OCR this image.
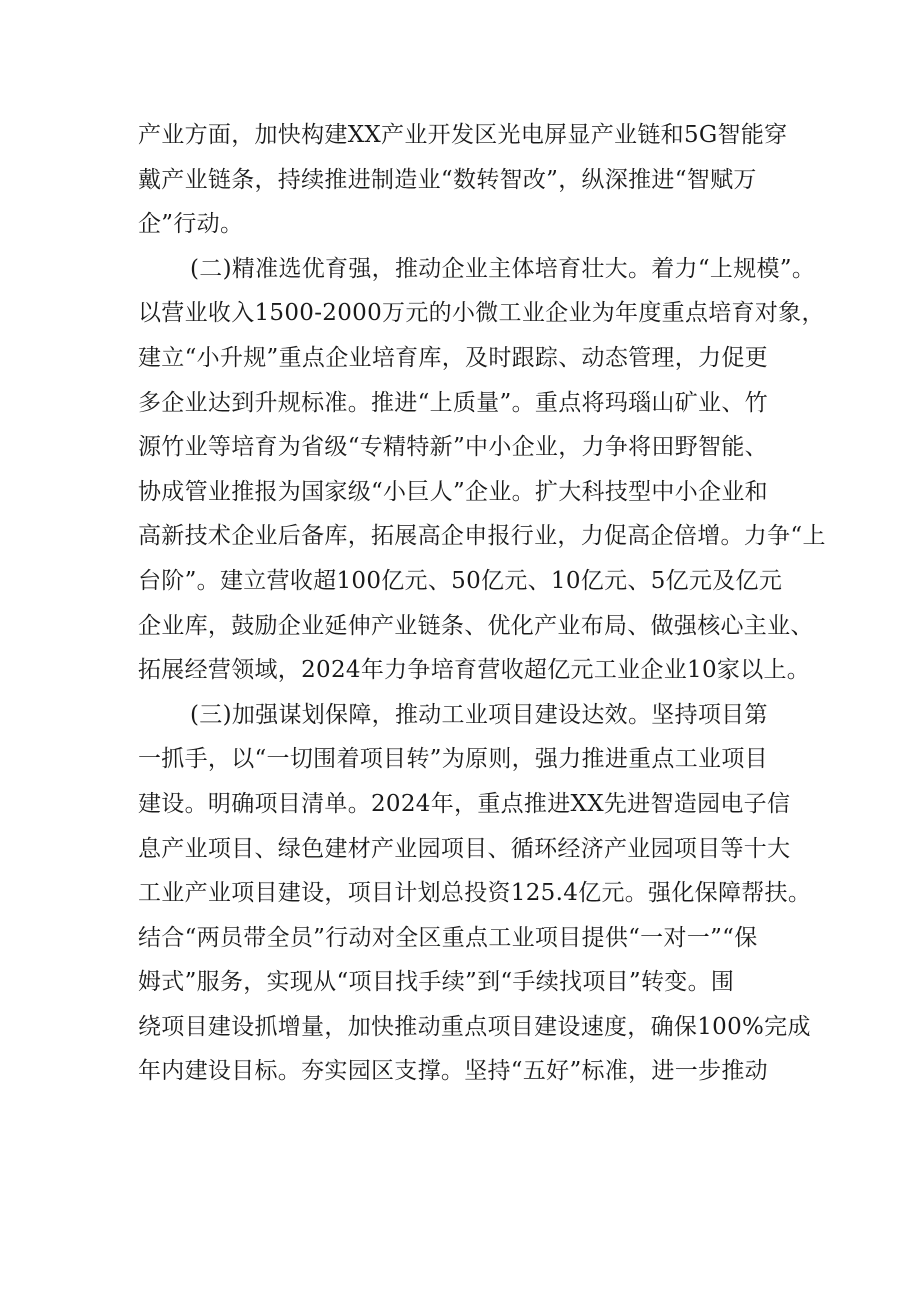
产业方面，加快构建XX产业开发区光电屏显产业链和5G智能穿
戴产业链条，持续推进制造业“数转智改”，纵深推进“智赋万
企”行动。
(二)精准选优育强，推动企业主体培育壮大。着力“上规模”。
以营业收入1500-2000万元的小微工业企业为年度重点培育对象，
建立“小升规”重点企业培育库，及时跟踪、动态管理，力促更
多企业达到升规标准。推进“上质量”。重点将玛瑙山矿业、竹
源竹业等培育为省级“专精特新”中小企业，力争将田野智能、
协成管业推报为国家级“小巨人”企业。扩大科技型中小企业和
高新技术企业后备库，拓展高企申报行业，力促高企倍增。力争“上
台阶”。建立营收超100亿元、50亿元、10亿元、5亿元及亿元
企业库，鼓励企业延伸产业链条、优化产业布局、做强核心主业、
拓展经营领域，2024年力争培育营收超亿元工业企业10家以上。
(三)加强谋划保障，推动工业项目建设达效。坚持项目第
一抓手，以“一切围着项目转”为原则，强力推进重点工业项目
建设。明确项目清单。2024年，重点推进XX先进智造园电子信
息产业项目、绿色建材产业园项目、循环经济产业园项目等十大
工业产业项目建设，项目计划总投资125.4亿元。强化保障帮扶。
结合“两员带全员”行动对全区重点工业项目提供“一对一”“保
姆式”服务，实现从“项目找手续”到“手续找项目”转变。围
绕项目建设抓增量，加快推动重点项目建设速度，确保100%完成
年内建设目标。夯实园区支撑。坚持“五好”标准，进一步推动
